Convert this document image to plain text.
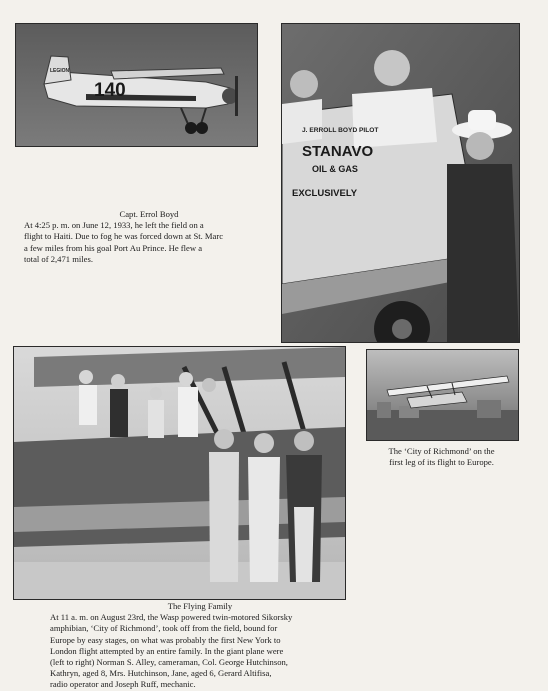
140
LEGION
J. ERROLL BOYD PILOT
STANAVO
OIL & GAS
EXCLUSIVELY
Capt. Errol Boyd
At 4:25 p. m. on June 12, 1933, he left the field on a
flight to Haiti. Due to fog he was forced down at St. Marc
a few miles from his goal Port Au Prince. He flew a
total of 2,471 miles.
The ‘City of Richmond’ on the
first leg of its flight to Europe.
The Flying Family
At 11 a. m. on August 23rd, the Wasp powered twin-motored Sikorsky
amphibian, ‘City of Richmond’, took off from the field, bound for
Europe by easy stages, on what was probably the first New York to
London flight attempted by an entire family. In the giant plane were
(left to right) Norman S. Alley, cameraman, Col. George Hutchinson,
Kathryn, aged 8, Mrs. Hutchinson, Jane, aged 6, Gerard Altifisa,
radio operator and Joseph Ruff, mechanic.
